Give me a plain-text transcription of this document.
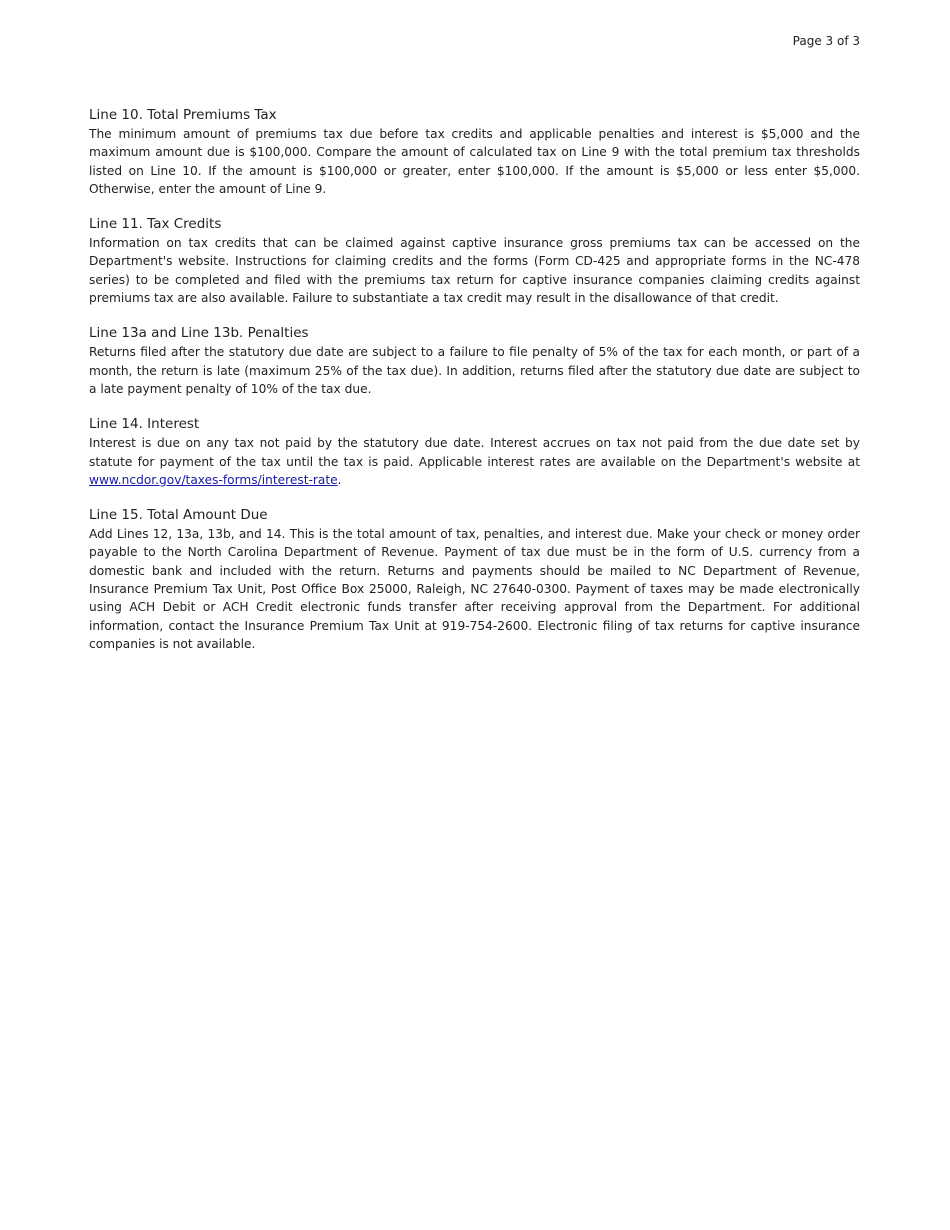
Page 3 of 3
Line 10. Total Premiums Tax

The minimum amount of premiums tax due before tax credits and applicable penalties and interest is $5,000 and the maximum amount due is $100,000. Compare the amount of calculated tax on Line 9 with the total premium tax thresholds listed on Line 10. If the amount is $100,000 or greater, enter $100,000. If the amount is $5,000 or less enter $5,000. Otherwise, enter the amount of Line 9.

Line 11. Tax Credits

Information on tax credits that can be claimed against captive insurance gross premiums tax can be accessed on the Department's website. Instructions for claiming credits and the forms (Form CD-425 and appropriate forms in the NC-478 series) to be completed and filed with the premiums tax return for captive insurance companies claiming credits against premiums tax are also available. Failure to substantiate a tax credit may result in the disallowance of that credit.

Line 13a and Line 13b. Penalties

Returns filed after the statutory due date are subject to a failure to file penalty of 5% of the tax for each month, or part of a month, the return is late (maximum 25% of the tax due). In addition, returns filed after the statutory due date are subject to a late payment penalty of 10% of the tax due.

Line 14. Interest

Interest is due on any tax not paid by the statutory due date. Interest accrues on tax not paid from the due date set by statute for payment of the tax until the tax is paid. Applicable interest rates are available on the Department's website at www.ncdor.gov/taxes-forms/interest-rate.

Line 15. Total Amount Due

Add Lines 12, 13a, 13b, and 14. This is the total amount of tax, penalties, and interest due. Make your check or money order payable to the North Carolina Department of Revenue. Payment of tax due must be in the form of U.S. currency from a domestic bank and included with the return. Returns and payments should be mailed to NC Department of Revenue, Insurance Premium Tax Unit, Post Office Box 25000, Raleigh, NC 27640-0300. Payment of taxes may be made electronically using ACH Debit or ACH Credit electronic funds transfer after receiving approval from the Department. For additional information, contact the Insurance Premium Tax Unit at 919-754-2600. Electronic filing of tax returns for captive insurance companies is not available.
